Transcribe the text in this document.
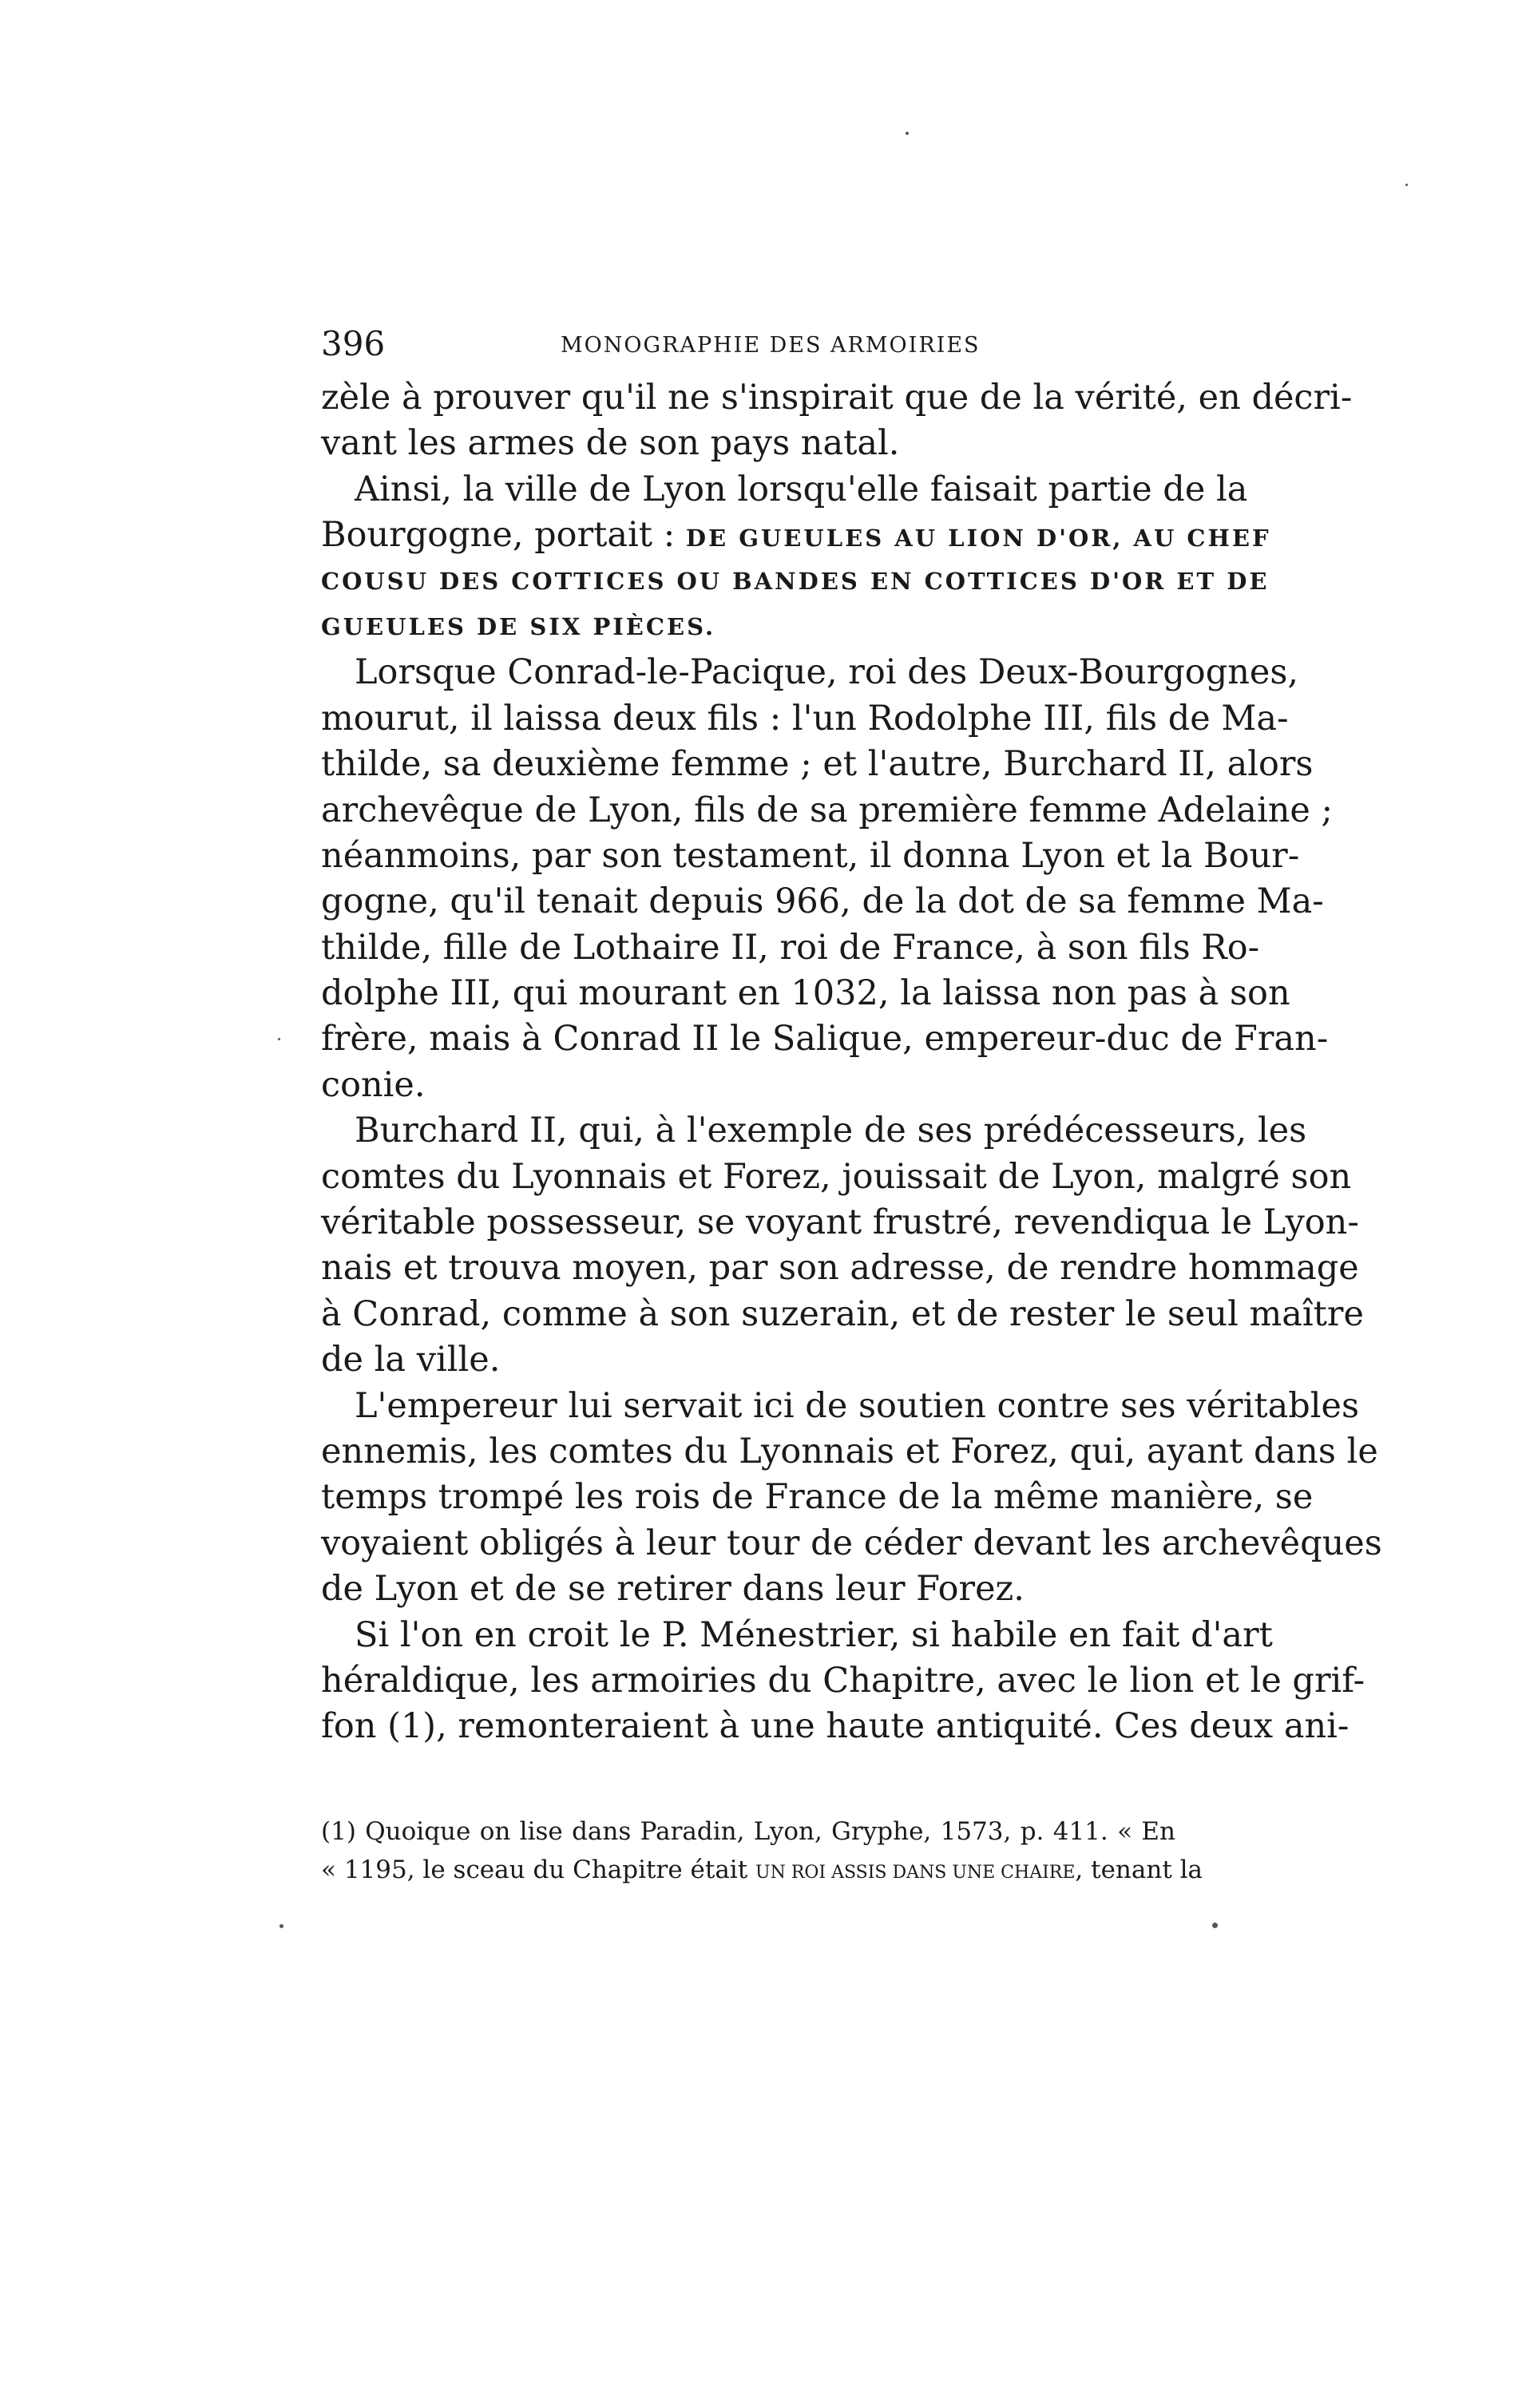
396	MONOGRAPHIE DES ARMOIRIES
zèle à prouver qu'il ne s'inspirait que de la vérité, en décri-
vant les armes de son pays natal.
Ainsi, la ville de Lyon lorsqu'elle faisait partie de la
Bourgogne, portait : DE GUEULES AU LION D'OR, AU CHEF
COUSU DES COTTICES OU BANDES EN COTTICES D'OR ET DE
GUEULES DE SIX PIÈCES.
Lorsque Conrad-le-Pacique, roi des Deux-Bourgognes,
mourut, il laissa deux fils : l'un Rodolphe III, fils de Ma-
thilde, sa deuxième femme ; et l'autre, Burchard II, alors
archevêque de Lyon, fils de sa première femme Adelaine ;
néanmoins, par son testament, il donna Lyon et la Bour-
gogne, qu'il tenait depuis 966, de la dot de sa femme Ma-
thilde, fille de Lothaire II, roi de France, à son fils Ro-
dolphe III, qui mourant en 1032, la laissa non pas à son
frère, mais à Conrad II le Salique, empereur-duc de Fran-
conie.
Burchard II, qui, à l'exemple de ses prédécesseurs, les
comtes du Lyonnais et Forez, jouissait de Lyon, malgré son
véritable possesseur, se voyant frustré, revendiqua le Lyon-
nais et trouva moyen, par son adresse, de rendre hommage
à Conrad, comme à son suzerain, et de rester le seul maître
de la ville.
L'empereur lui servait ici de soutien contre ses véritables
ennemis, les comtes du Lyonnais et Forez, qui, ayant dans le
temps trompé les rois de France de la même manière, se
voyaient obligés à leur tour de céder devant les archevêques
de Lyon et de se retirer dans leur Forez.
Si l'on en croit le P. Ménestrier, si habile en fait d'art
héraldique, les armoiries du Chapitre, avec le lion et le grif-
fon (1), remonteraient à une haute antiquité. Ces deux ani-
(1) Quoique on lise dans Paradin, Lyon, Gryphe, 1573, p. 411. « En
« 1195, le sceau du Chapitre était UN ROI ASSIS DANS UNE CHAIRE, tenant la
